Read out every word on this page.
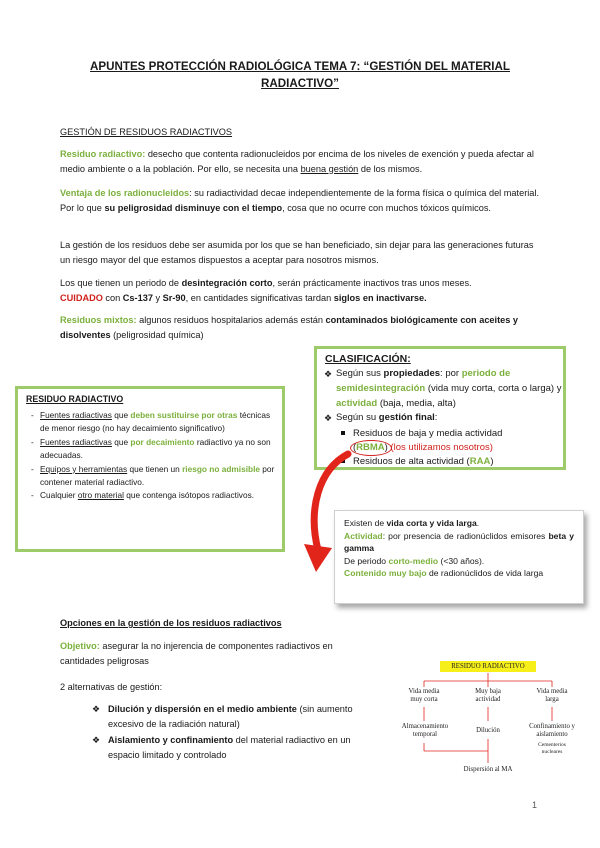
APUNTES PROTECCIÓN RADIOLÓGICA TEMA 7: “GESTIÓN DEL MATERIAL
RADIACTIVO”
GESTIÓN DE RESIDUOS RADIACTIVOS
Residuo radiactivo: desecho que contenta radionucleidos por encima de los niveles de exención y pueda afectar al medio ambiente o a la población. Por ello, se necesita una buena gestión de los mismos.
Ventaja de los radionucleidos: su radiactividad decae independientemente de la forma física o química del material. Por lo que su peligrosidad disminuye con el tiempo, cosa que no ocurre con muchos tóxicos químicos.
La gestión de los residuos debe ser asumida por los que se han beneficiado, sin dejar para las generaciones futuras un riesgo mayor del que estamos dispuestos a aceptar para nosotros mismos.
Los que tienen un periodo de desintegración corto, serán prácticamente inactivos tras unos meses.
CUIDADO con Cs-137 y Sr-90, en cantidades significativas tardan siglos en inactivarse.
Residuos mixtos: algunos residuos hospitalarios además están contaminados biológicamente con aceites y disolventes (peligrosidad química)
RESIDUO RADIACTIVO
- Fuentes radiactivas que deben sustituirse por otras técnicas de menor riesgo (no hay decaimiento significativo)
- Fuentes radiactivas que por decaimiento radiactivo ya no son adecuadas.
- Equipos y herramientas que tienen un riesgo no admisible por contener material radiactivo.
- Cualquier otro material que contenga isótopos radiactivos.
CLASIFICACIÓN:
❖ Según sus propiedades: por periodo de semidesintegración (vida muy corta, corta o larga) y actividad (baja, media, alta)
❖ Según su gestión final:
Residuos de baja y media actividad

(RBMA) (los utilizamos nosotros)
Residuos de alta actividad (RAA)
Existen de vida corta y vida larga.
Actividad: por presencia de radionúclidos emisores beta y gamma
De periodo corto-medio (<30 años).
Contenido muy bajo de radionúclidos de vida larga
Opciones en la gestión de los residuos radiactivos
Objetivo: asegurar la no injerencia de componentes radiactivos en cantidades peligrosas
2 alternativas de gestión:
❖ Dilución y dispersión en el medio ambiente (sin aumento excesivo de la radiación natural)
❖ Aislamiento y confinamiento del material radiactivo en un espacio limitado y controlado
RESIDUO RADIACTIVO
Vida media muy corta
Muy baja actividad
Vida media larga
Almacenamiento temporal
Dilución
Confinamiento y aislamiento
Cementerios nucleares
Dispersión al MA
1
